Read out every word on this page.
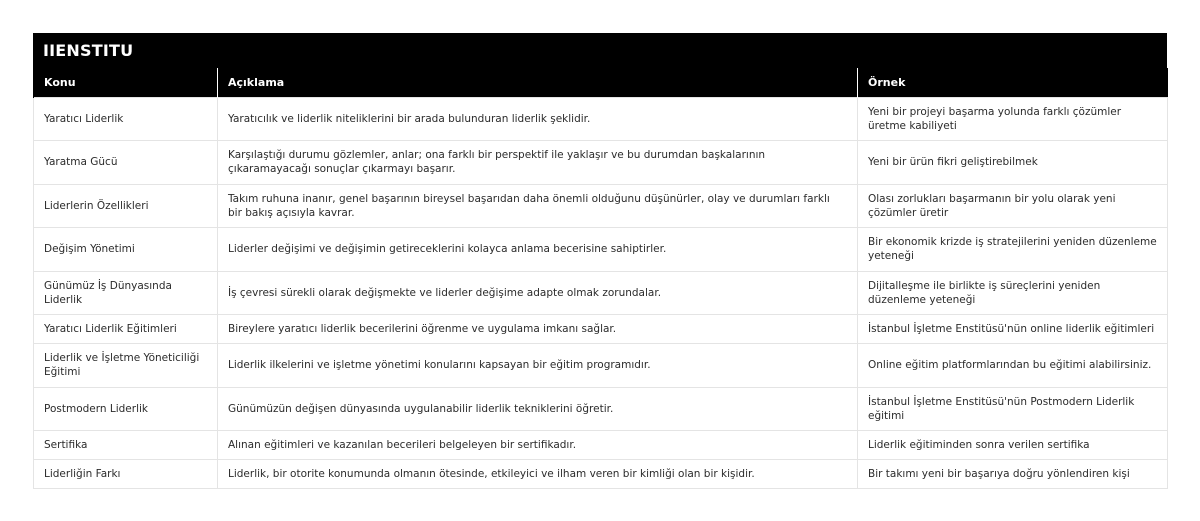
IIENSTITU
Konu	Açıklama	Örnek
Yaratıcı Liderlik	Yaratıcılık ve liderlik niteliklerini bir arada bulunduran liderlik şeklidir.	Yeni bir projeyi başarma yolunda farklı çözümler üretme kabiliyeti
Yaratma Gücü	Karşılaştığı durumu gözlemler, anlar; ona farklı bir perspektif ile yaklaşır ve bu durumdan başkalarının çıkaramayacağı sonuçlar çıkarmayı başarır.	Yeni bir ürün fikri geliştirebilmek
Liderlerin Özellikleri	Takım ruhuna inanır, genel başarının bireysel başarıdan daha önemli olduğunu düşünürler, olay ve durumları farklı bir bakış açısıyla kavrar.	Olası zorlukları başarmanın bir yolu olarak yeni çözümler üretir
Değişim Yönetimi	Liderler değişimi ve değişimin getireceklerini kolayca anlama becerisine sahiptirler.	Bir ekonomik krizde iş stratejilerini yeniden düzenleme yeteneği
Günümüz İş Dünyasında Liderlik	İş çevresi sürekli olarak değişmekte ve liderler değişime adapte olmak zorundalar.	Dijitalleşme ile birlikte iş süreçlerini yeniden düzenleme yeteneği
Yaratıcı Liderlik Eğitimleri	Bireylere yaratıcı liderlik becerilerini öğrenme ve uygulama imkanı sağlar.	İstanbul İşletme Enstitüsü'nün online liderlik eğitimleri
Liderlik ve İşletme Yöneticiliği Eğitimi	Liderlik ilkelerini ve işletme yönetimi konularını kapsayan bir eğitim programıdır.	Online eğitim platformlarından bu eğitimi alabilirsiniz.
Postmodern Liderlik	Günümüzün değişen dünyasında uygulanabilir liderlik tekniklerini öğretir.	İstanbul İşletme Enstitüsü'nün Postmodern Liderlik eğitimi
Sertifika	Alınan eğitimleri ve kazanılan becerileri belgeleyen bir sertifikadır.	Liderlik eğitiminden sonra verilen sertifika
Liderliğin Farkı	Liderlik, bir otorite konumunda olmanın ötesinde, etkileyici ve ilham veren bir kimliği olan bir kişidir.	Bir takımı yeni bir başarıya doğru yönlendiren kişi
